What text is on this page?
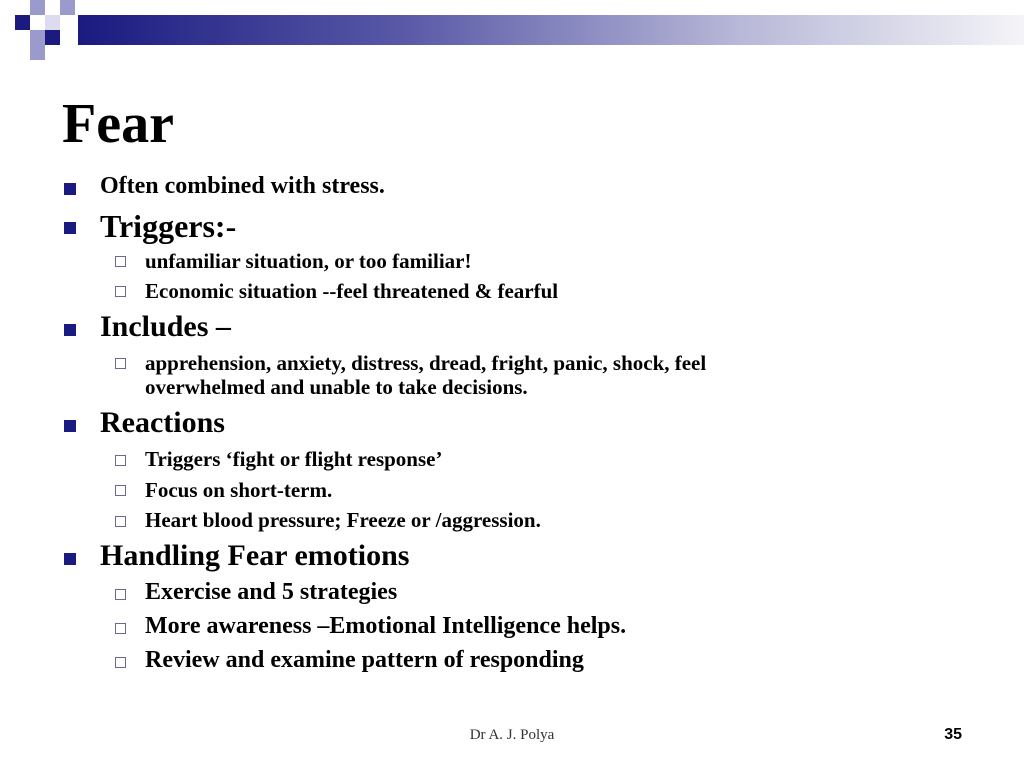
Fear
Often combined with stress.
Triggers:-
unfamiliar situation, or too familiar!
Economic situation --feel threatened & fearful
Includes –
apprehension, anxiety, distress, dread, fright, panic, shock, feel
overwhelmed and unable to take decisions.
Reactions
Triggers ‘fight or flight response’
Focus on short-term.
Heart blood pressure; Freeze or /aggression.
Handling Fear emotions
Exercise and 5 strategies
More awareness –Emotional Intelligence helps.
Review and examine pattern of responding
Dr A. J. Polya	35
